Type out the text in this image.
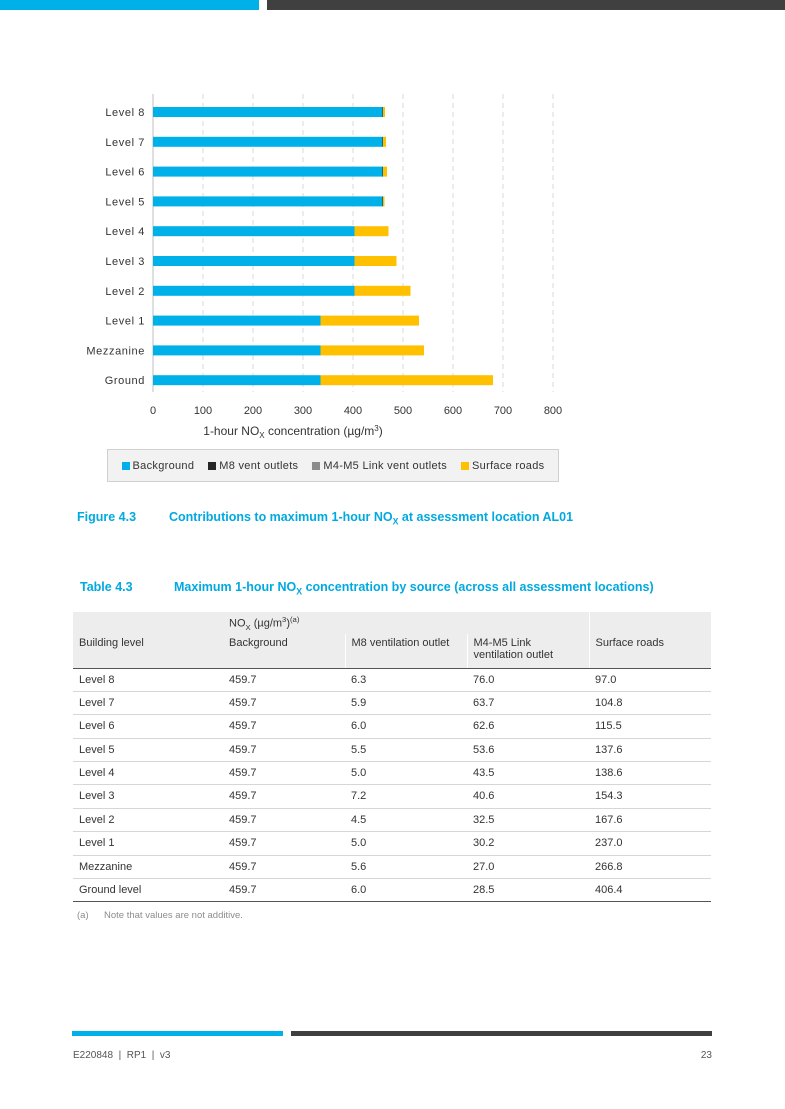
Level 8
Level 7
Level 6
Level 5
Level 4
Level 3
Level 2
Level 1
Mezzanine
Ground
0	100	200	300	400	500	600	700	800
1-hour $NO_X$ concentration $(\mu g/m^3)$
Background M8 vent outlets M4-M5 Link vent outlets Surface roads
Figure 4.3	Contributions to maximum 1-hour $NO_X$ at assessment location AL01
Table 4.3	Maximum 1-hour $NO_X$ concentration by source (across all assessment locations)
	$NO_X$ $(\mu g/m^3)^{(a)}$	
Building level	Background	M8 ventilation outlet	M4-M5 Link ventilation outlet	Surface roads
Level 8	459.7	6.3	76.0	97.0
Level 7	459.7	5.9	63.7	104.8
Level 6	459.7	6.0	62.6	115.5
Level 5	459.7	5.5	53.6	137.6
Level 4	459.7	5.0	43.5	138.6
Level 3	459.7	7.2	40.6	154.3
Level 2	459.7	4.5	32.5	167.6
Level 1	459.7	5.0	30.2	237.0
Mezzanine	459.7	5.6	27.0	266.8
Ground level	459.7	6.0	28.5	406.4
(a) Note that values are not additive.
E220848  |  RP1  |  v3	23
